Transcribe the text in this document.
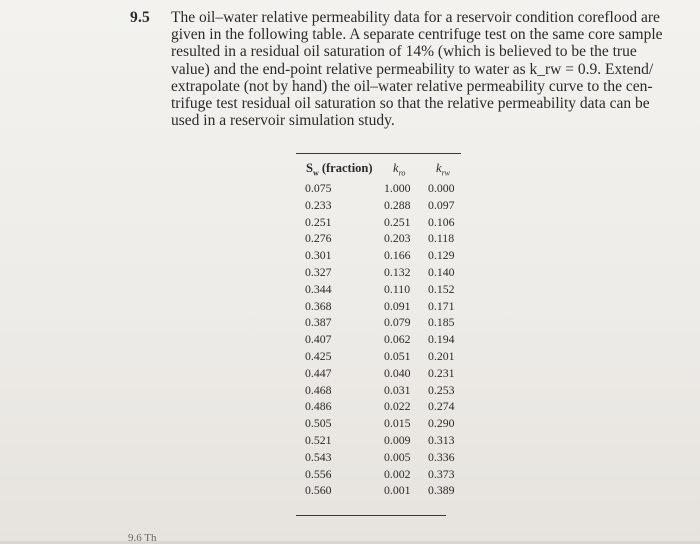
9.5 The oil–water relative permeability data for a reservoir condition coreflood are
given in the following table. A separate centrifuge test on the same core sample
resulted in a residual oil saturation of 14% (which is believed to be the true
value) and the end-point relative permeability to water as k_rw = 0.9. Extend/
extrapolate (not by hand) the oil–water relative permeability curve to the cen-
trifuge test residual oil saturation so that the relative permeability data can be
used in a reservoir simulation study.
$S_w$ (fraction) $k_{ro}$ $k_{rw}$
0.075	1.000 0.000
0.233	0.288 0.097
0.251	0.251 0.106
0.276	0.203 0.118
0.301	0.166 0.129
0.327	0.132 0.140
0.344	0.110 0.152
0.368	0.091 0.171
0.387	0.079 0.185
0.407	0.062 0.194
0.425	0.051 0.201
0.447	0.040 0.231
0.468	0.031 0.253
0.486	0.022 0.274
0.505	0.015 0.290
0.521	0.009 0.313
0.543	0.005 0.336
0.556	0.002 0.373
0.560	0.001 0.389
9.6 Th
